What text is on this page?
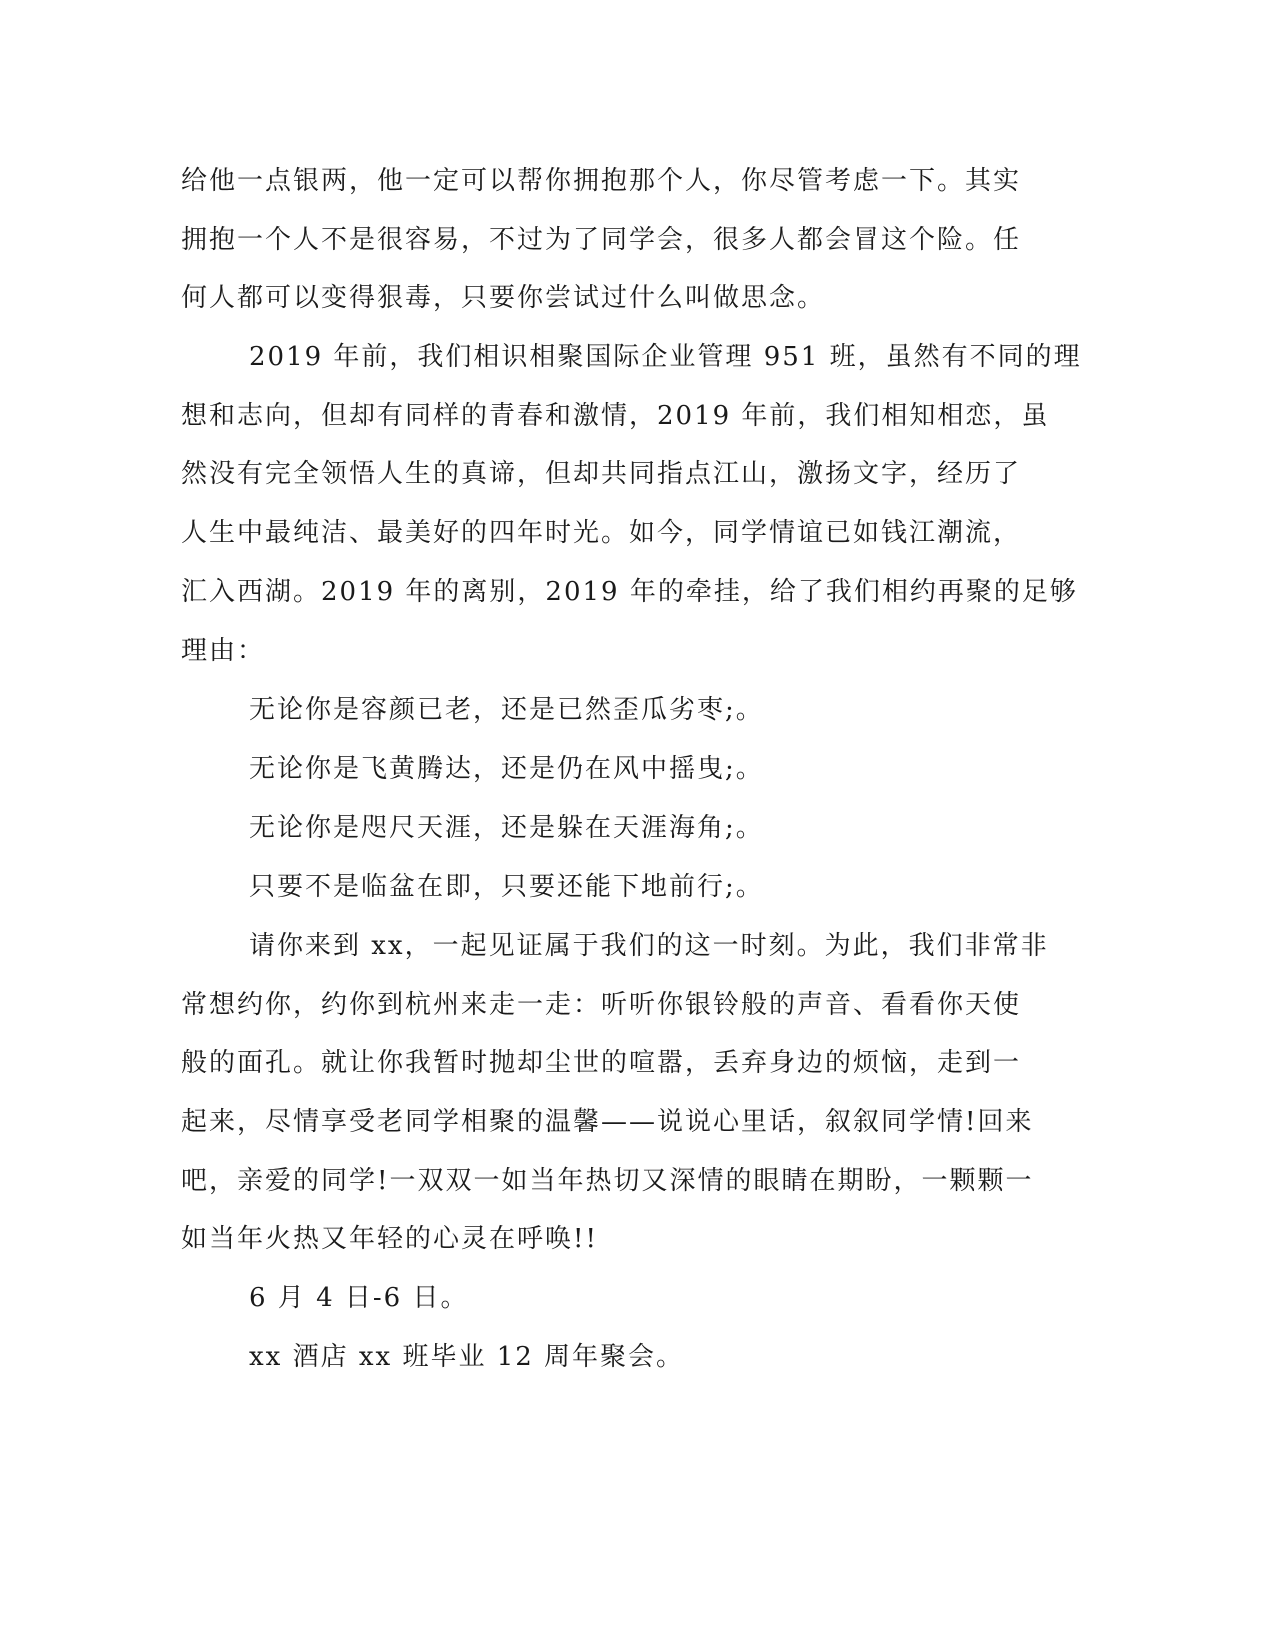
给他一点银两，他一定可以帮你拥抱那个人，你尽管考虑一下。其实
拥抱一个人不是很容易，不过为了同学会，很多人都会冒这个险。任
何人都可以变得狠毒，只要你尝试过什么叫做思念。
2019 年前，我们相识相聚国际企业管理 951 班，虽然有不同的理
想和志向，但却有同样的青春和激情，2019 年前，我们相知相恋，虽
然没有完全领悟人生的真谛，但却共同指点江山，激扬文字，经历了
人生中最纯洁、最美好的四年时光。如今，同学情谊已如钱江潮流，
汇入西湖。2019 年的离别，2019 年的牵挂，给了我们相约再聚的足够
理由：
无论你是容颜已老，还是已然歪瓜劣枣;。
无论你是飞黄腾达，还是仍在风中摇曳;。
无论你是咫尺天涯，还是躲在天涯海角;。
只要不是临盆在即，只要还能下地前行;。
请你来到 xx，一起见证属于我们的这一时刻。为此，我们非常非
常想约你，约你到杭州来走一走：听听你银铃般的声音、看看你天使
般的面孔。就让你我暂时抛却尘世的喧嚣，丢弃身边的烦恼，走到一
起来，尽情享受老同学相聚的温馨——说说心里话，叙叙同学情!回来
吧，亲爱的同学!一双双一如当年热切又深情的眼睛在期盼，一颗颗一
如当年火热又年轻的心灵在呼唤!!
6 月 4 日-6 日。
xx 酒店 xx 班毕业 12 周年聚会。
